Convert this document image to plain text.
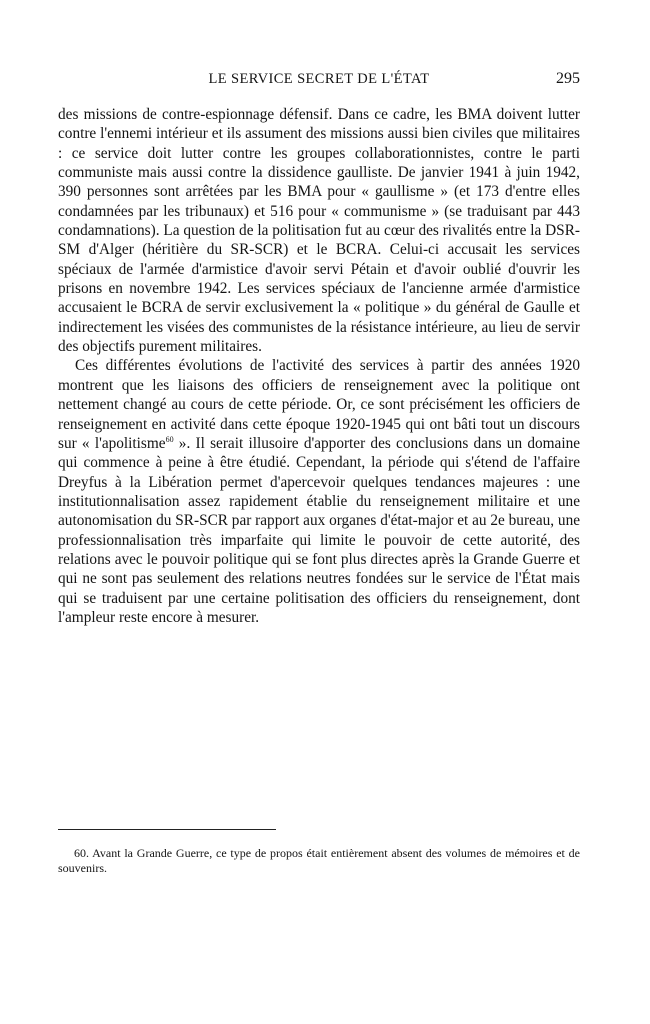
LE SERVICE SECRET DE L'ÉTAT	295

des missions de contre-espionnage défensif. Dans ce cadre, les BMA doivent lutter contre l'ennemi intérieur et ils assument des missions aussi bien civiles que militaires : ce service doit lutter contre les groupes collaborationnistes, contre le parti communiste mais aussi contre la dissidence gaulliste. De janvier 1941 à juin 1942, 390 personnes sont arrêtées par les BMA pour « gaullisme » (et 173 d'entre elles condamnées par les tribunaux) et 516 pour « communisme » (se traduisant par 443 condamnations). La question de la politisation fut au cœur des rivalités entre la DSR-SM d'Alger (héritière du SR-SCR) et le BCRA. Celui-ci accusait les services spéciaux de l'armée d'armistice d'avoir servi Pétain et d'avoir oublié d'ouvrir les prisons en novembre 1942. Les services spéciaux de l'ancienne armée d'armistice accusaient le BCRA de servir exclusivement la « politique » du général de Gaulle et indirectement les visées des communistes de la résistance intérieure, au lieu de servir des objectifs purement militaires.

Ces différentes évolutions de l'activité des services à partir des années 1920 montrent que les liaisons des officiers de renseignement avec la politique ont nettement changé au cours de cette période. Or, ce sont précisément les officiers de renseignement en activité dans cette époque 1920-1945 qui ont bâti tout un discours sur « l'apolitisme$^{60}$ ». Il serait illusoire d'apporter des conclusions dans un domaine qui commence à peine à être étudié. Cependant, la période qui s'étend de l'affaire Dreyfus à la Libération permet d'apercevoir quelques tendances majeures : une institutionnalisation assez rapidement établie du renseignement militaire et une autonomisation du SR-SCR par rapport aux organes d'état-major et au 2e bureau, une professionnalisation très imparfaite qui limite le pouvoir de cette autorité, des relations avec le pouvoir politique qui se font plus directes après la Grande Guerre et qui ne sont pas seulement des relations neutres fondées sur le service de l'État mais qui se traduisent par une certaine politisation des officiers du renseignement, dont l'ampleur reste encore à mesurer.

60. Avant la Grande Guerre, ce type de propos était entièrement absent des volumes de mémoires et de souvenirs.
